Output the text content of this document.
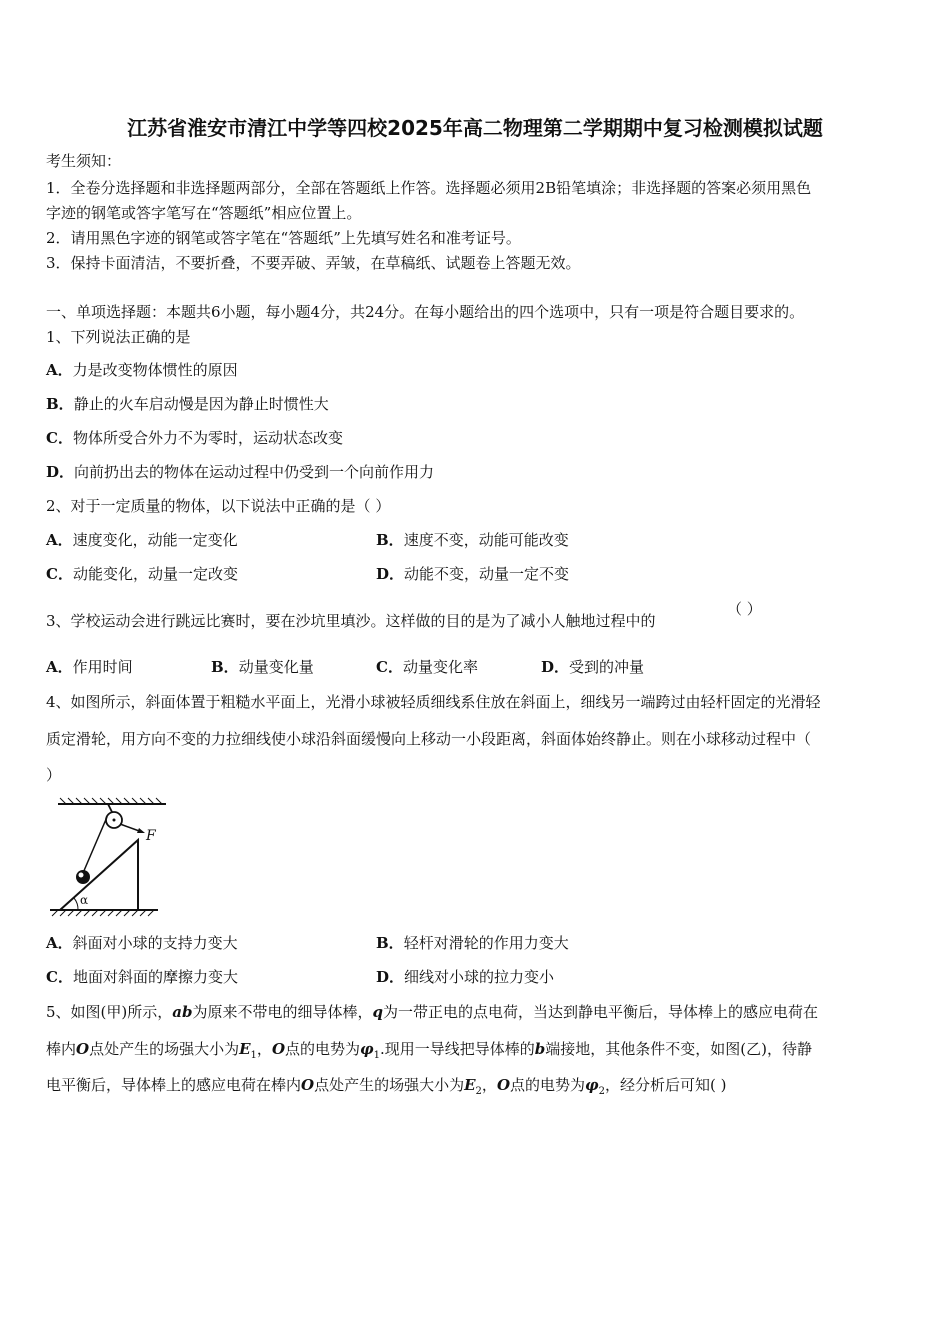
江苏省淮安市清江中学等四校2025年高二物理第二学期期中复习检测模拟试题
考生须知：
1．全卷分选择题和非选择题两部分，全部在答题纸上作答。选择题必须用2B铅笔填涂；非选择题的答案必须用黑色
字迹的钢笔或答字笔写在“答题纸”相应位置上。
2．请用黑色字迹的钢笔或答字笔在“答题纸”上先填写姓名和准考证号。
3．保持卡面清洁，不要折叠，不要弄破、弄皱，在草稿纸、试题卷上答题无效。
一、单项选择题：本题共6小题，每小题4分，共24分。在每小题给出的四个选项中，只有一项是符合题目要求的。
1、下列说法正确的是
A．力是改变物体惯性的原因
B．静止的火车启动慢是因为静止时惯性大
C．物体所受合外力不为零时，运动状态改变
D．向前扔出去的物体在运动过程中仍受到一个向前作用力
2、对于一定质量的物体，以下说法中正确的是（ ）
A．速度变化，动能一定变化	B．速度不变，动能可能改变
C．动能变化，动量一定改变	D．动能不变，动量一定不变
3、学校运动会进行跳远比赛时，要在沙坑里填沙。这样做的目的是为了减小人触地过程中的
（ ）
A．作用时间	B．动量变化量	C．动量变化率	D．受到的冲量
4、如图所示，斜面体置于粗糙水平面上，光滑小球被轻质细线系住放在斜面上，细线另一端跨过由轻杆固定的光滑轻
质定滑轮，用方向不变的力拉细线使小球沿斜面缓慢向上移动一小段距离，斜面体始终静止。则在小球移动过程中（
）
F
α
A．斜面对小球的支持力变大	B．轻杆对滑轮的作用力变大
C．地面对斜面的摩擦力变大	D．细线对小球的拉力变小
5、如图(甲)所示，ab为原来不带电的细导体棒，q为一带正电的点电荷，当达到静电平衡后，导体棒上的感应电荷在
棒内O点处产生的场强大小为$E_1$，O点的电势为$\varphi_1$.现用一导线把导体棒的b端接地，其他条件不变，如图(乙)，待静
电平衡后，导体棒上的感应电荷在棒内O点处产生的场强大小为$E_2$，O点的电势为$\varphi_2$，经分析后可知( )
